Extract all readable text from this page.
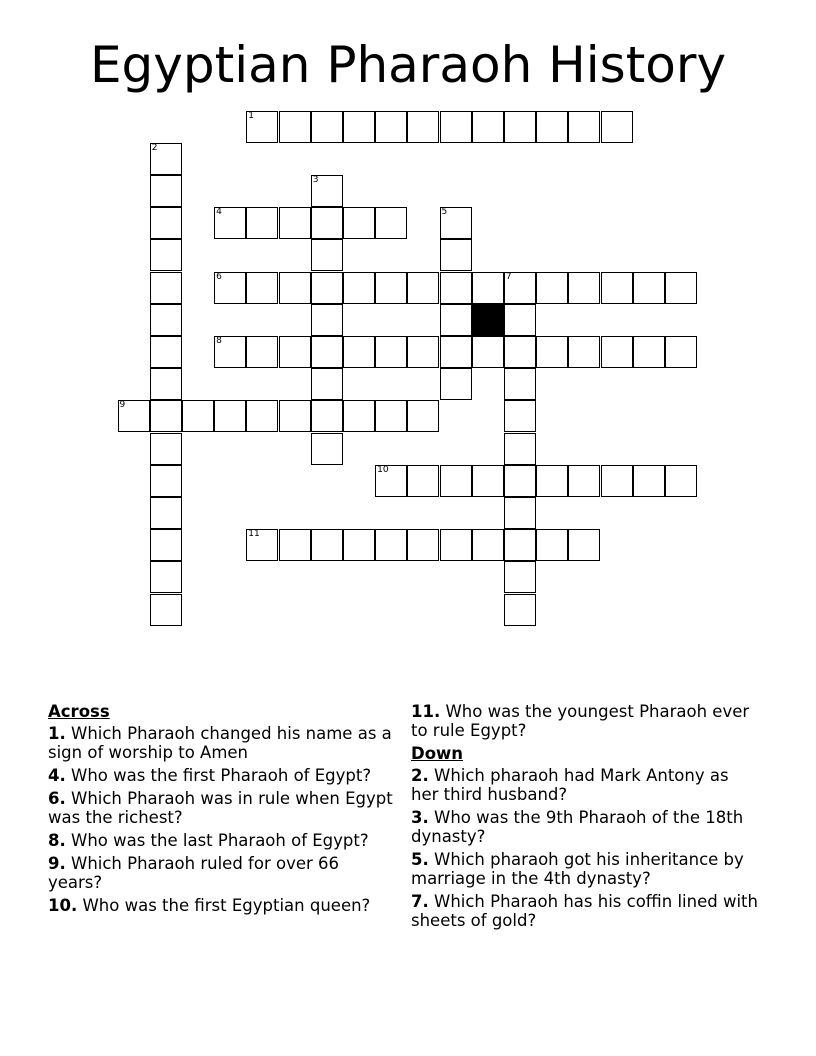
Egyptian Pharaoh History
1
4
6	7
8
9
10
11
2
3
5
Across
1. Which Pharaoh changed his name as a sign of worship to Amen
4. Who was the first Pharaoh of Egypt?
6. Which Pharaoh was in rule when Egypt was the richest?
8. Who was the last Pharaoh of Egypt?
9. Which Pharaoh ruled for over 66 years?
10. Who was the first Egyptian queen?
11. Who was the youngest Pharaoh ever to rule Egypt?
Down
2. Which pharaoh had Mark Antony as her third husband?
3. Who was the 9th Pharaoh of the 18th dynasty?
5. Which pharaoh got his inheritance by marriage in the 4th dynasty?
7. Which Pharaoh has his coffin lined with sheets of gold?
